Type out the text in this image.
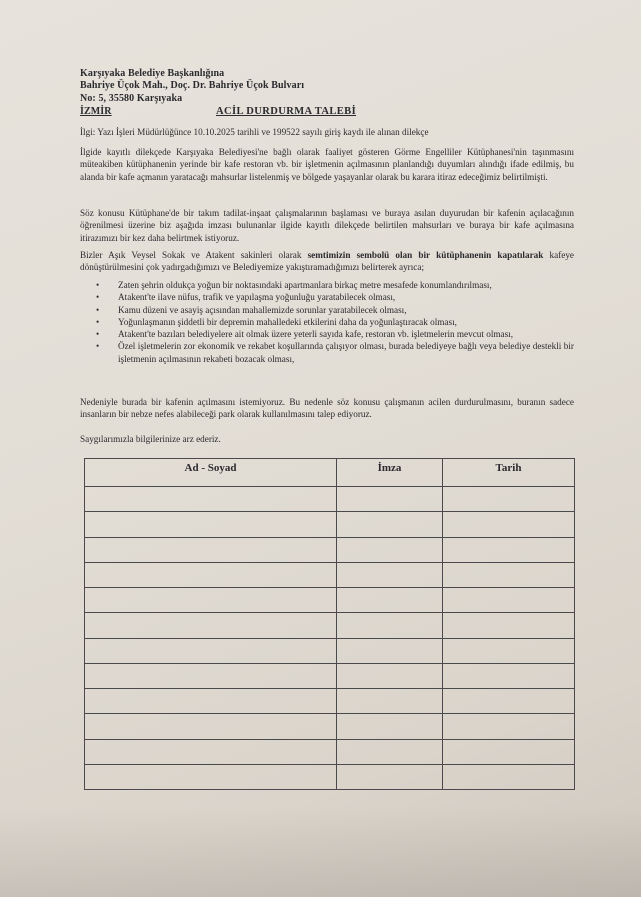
Karşıyaka Belediye Başkanlığına
Bahriye Üçok Mah., Doç. Dr. Bahriye Üçok Bulvarı
No: 5, 35580 Karşıyaka
İZMİR	ACİL DURDURMA TALEBİ
İlgi: Yazı İşleri Müdürlüğünce 10.10.2025 tarihli ve 199522 sayılı giriş kaydı ile alınan dilekçe
İlgide kayıtlı dilekçede Karşıyaka Belediyesi'ne bağlı olarak faaliyet gösteren Görme Engelliler Kütüphanesi'nin taşınmasını müteakiben kütüphanenin yerinde bir kafe restoran vb. bir işletmenin açılmasının planlandığı duyumları alındığı ifade edilmiş, bu alanda bir kafe açmanın yaratacağı mahsurlar listelenmiş ve bölgede yaşayanlar olarak bu karara itiraz edeceğimiz belirtilmişti.
Söz konusu Kütüphane'de bir takım tadilat-inşaat çalışmalarının başlaması ve buraya asılan duyurudan bir kafenin açılacağının öğrenilmesi üzerine biz aşağıda imzası bulunanlar ilgide kayıtlı dilekçede belirtilen mahsurları ve buraya bir kafe açılmasına itirazımızı bir kez daha belirtmek istiyoruz.
Bizler Aşık Veysel Sokak ve Atakent sakinleri olarak semtimizin sembolü olan bir kütüphanenin kapatılarak kafeye dönüştürülmesini çok yadırgadığımızı ve Belediyemize yakıştıramadığımızı belirterek ayrıca;
• Zaten şehrin oldukça yoğun bir noktasındaki apartmanlara birkaç metre mesafede konumlandırılması,
• Atakent'te ilave nüfus, trafik ve yapılaşma yoğunluğu yaratabilecek olması,
• Kamu düzeni ve asayiş açısından mahallemizde sorunlar yaratabilecek olması,
• Yoğunlaşmanın şiddetli bir depremin mahalledeki etkilerini daha da yoğunlaştıracak olması,
• Atakent'te bazıları belediyelere ait olmak üzere yeterli sayıda kafe, restoran vb. işletmelerin mevcut olması,
• Özel işletmelerin zor ekonomik ve rekabet koşullarında çalışıyor olması, burada belediyeye bağlı veya belediye destekli bir işletmenin açılmasının rekabeti bozacak olması,
Nedeniyle burada bir kafenin açılmasını istemiyoruz. Bu nedenle söz konusu çalışmanın acilen durdurulmasını, buranın sadece insanların bir nebze nefes alabileceği park olarak kullanılmasını talep ediyoruz.
Saygılarımızla bilgilerinize arz ederiz.
Ad - Soyad	İmza	Tarih
